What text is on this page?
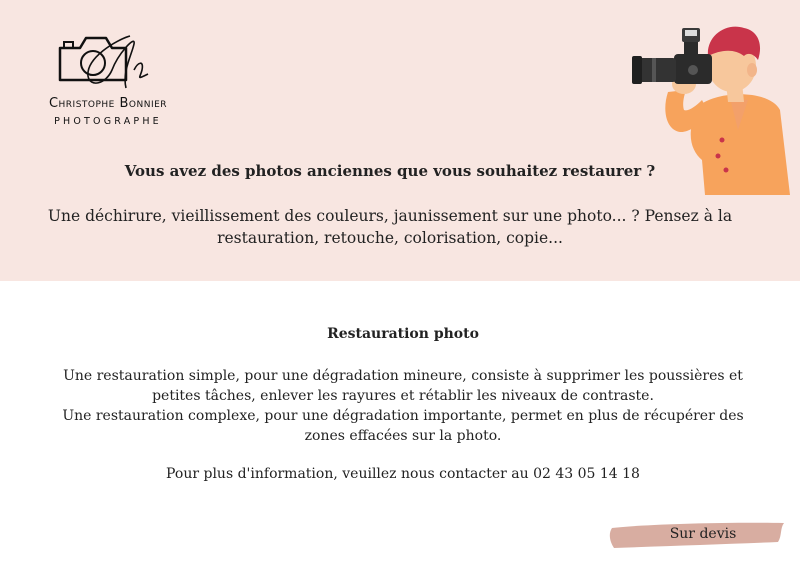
Christophe Bonnier
PHOTOGRAPHE
Vous avez des photos anciennes que vous souhaitez restaurer ?
Une déchirure, vieillissement des couleurs, jaunissement sur une photo... ? Pensez à la restauration, retouche, colorisation, copie...
Restauration photo
Une restauration simple, pour une dégradation mineure, consiste à supprimer les poussières et petites tâches, enlever les rayures et rétablir les niveaux de contraste.
Une restauration complexe, pour une dégradation importante, permet en plus de récupérer des zones effacées sur la photo.
Pour plus d'information, veuillez nous contacter au 02 43 05 14 18
Sur devis
